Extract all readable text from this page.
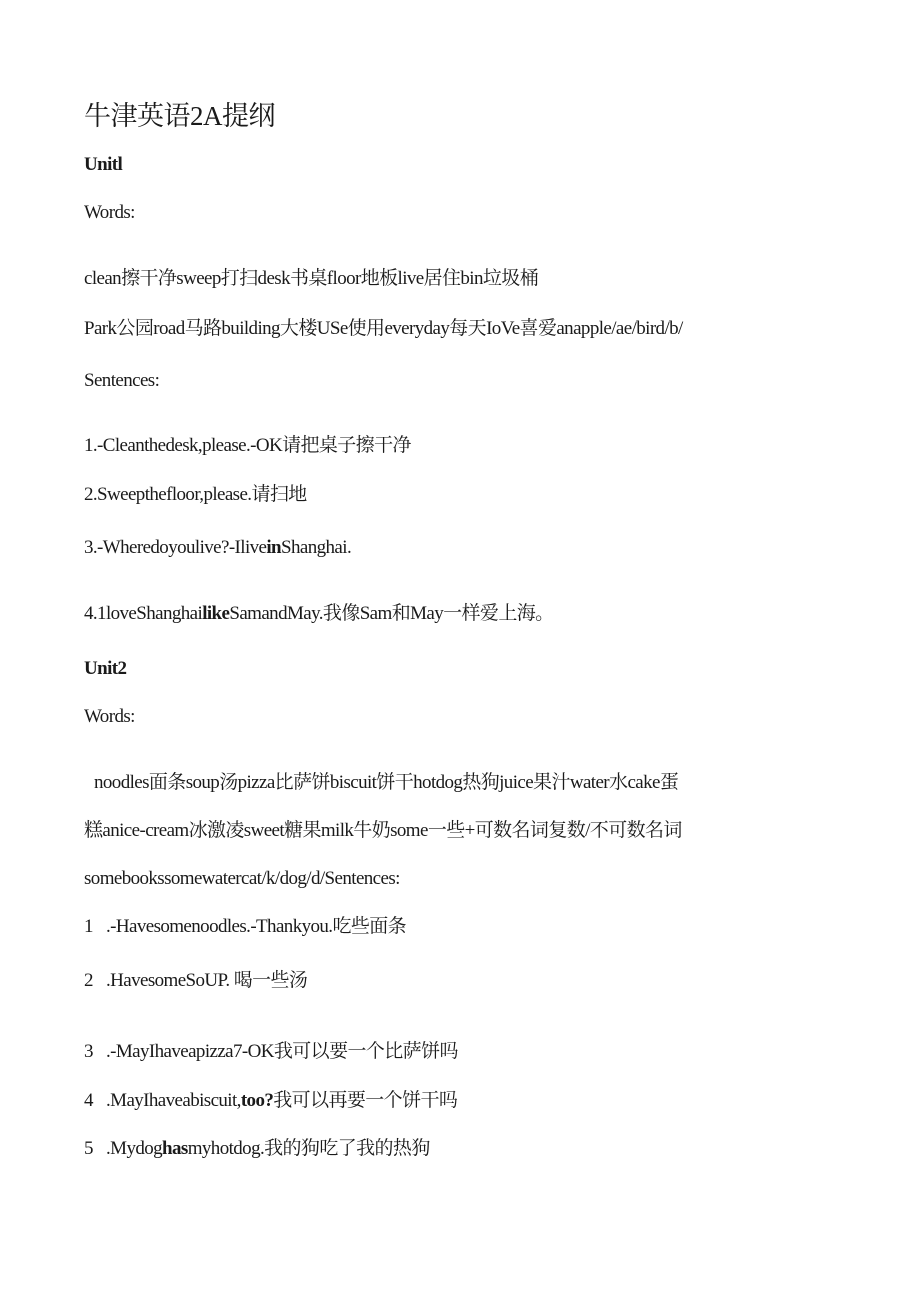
牛津英语2A提纲
Unitl
Words:
clean擦干净sweep打扫desk书桌floor地板live居住bin垃圾桶
Park公园road马路building大楼USe使用everyday每天IoVe喜爱anapple/ae/bird/b/
Sentences:
1.-Cleanthedesk,please.-OK请把桌子擦干净
2.Sweepthefloor,please.请扫地
3.-Wheredoyoulive?-IliveinShanghai.
4.1loveShanghailikeSamandMay.我像Sam和May一样爱上海。
Unit2
Words:
noodles面条soup汤pizza比萨饼biscuit饼干hotdog热狗juice果汁water水cake蛋
糕anice-cream冰激凌sweet糖果milk牛奶some一些+可数名词复数/不可数名词
somebookssomewatercat/k/dog/d/Sentences:
1 .-Havesomenoodles.-Thankyou.吃些面条
2 .HavesomeSoUP. 喝一些汤
3 .-MayIhaveapizza7-OK我可以要一个比萨饼吗
4 .MayIhaveabiscuit,too?我可以再要一个饼干吗
5 .Mydoghasmyhotdog.我的狗吃了我的热狗
